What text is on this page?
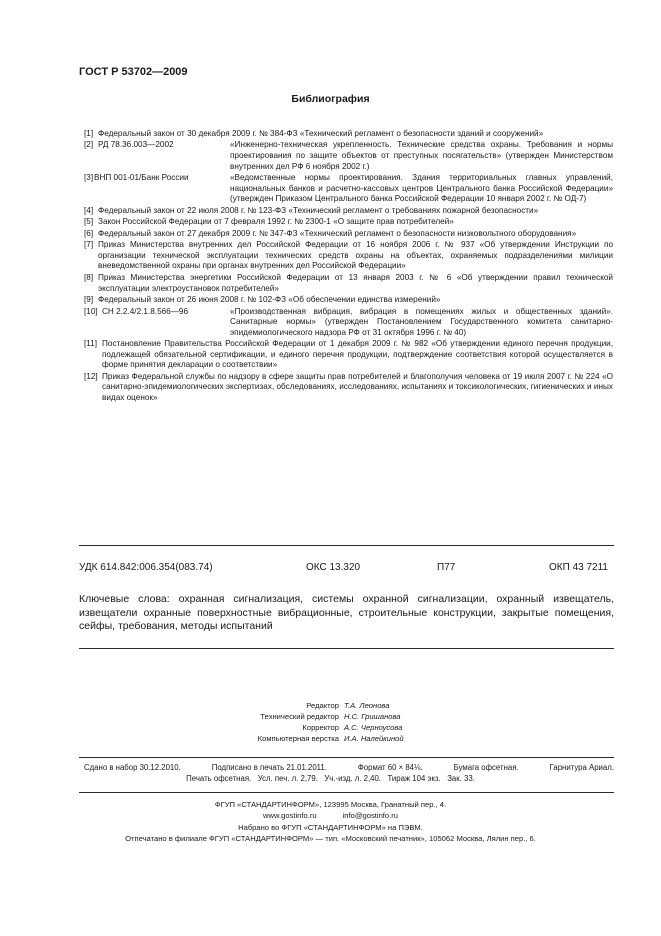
ГОСТ Р 53702—2009
Библиография
[1] Федеральный закон от 30 декабря 2009 г. № 384-ФЗ «Технический регламент о безопасности зданий и сооружений»
[2] РД 78.36.003—2002	«Инженерно-техническая укрепленность. Технические средства охраны. Требования и нормы проектирования по защите объектов от преступных посягательств» (утвержден Министерством внутренних дел РФ 6 ноября 2002 г.)
[3] ВНП 001-01/Банк России	«Ведомственные нормы проектирования. Здания территориальных главных управлений, национальных банков и расчетно-кассовых центров Центрального банка Российской Федерации» (утвержден Приказом Центрального банка Российской Федерации 10 января 2002 г. № ОД-7)
[4] Федеральный закон от 22 июля 2008 г. № 123-ФЗ «Технический регламент о требованиях пожарной безопасности»
[5] Закон Российской Федерации от 7 февраля 1992 г. № 2300-1 «О защите прав потребителей»
[6] Федеральный закон от 27 декабря 2009 г. № 347-ФЗ «Технический регламент о безопасности низковольтного оборудования»
[7] Приказ Министерства внутренних дел Российской Федерации от 16 ноября 2006 г. № 937 «Об утверждении Инструкции по организации технической эксплуатации технических средств охраны на объектах, охраняемых подразделениями милиции вневедомственной охраны при органах внутренних дел Российской Федерации»
[8] Приказ Министерства энергетики Российской Федерации от 13 января 2003 г. № 6 «Об утверждении правил технической эксплуатации электроустановок потребителей»
[9] Федеральный закон от 26 июня 2008 г. № 102-ФЗ «Об обеспечении единства измерений»
[10] СН 2.2.4/2.1.8.566—96	«Производственная вибрация, вибрация в помещениях жилых и общественных зданий». Санитарные нормы» (утвержден Постановлением Государственного комитета санитарно-эпидемиологического надзора РФ от 31 октября 1996 г. № 40)
[11] Постановление Правительства Российской Федерации от 1 декабря 2009 г. № 982 «Об утверждении единого перечня продукции, подлежащей обязательной сертификации, и единого перечня продукции, подтверждение соответствия которой осуществляется в форме принятия декларации о соответствии»
[12] Приказ Федеральной службы по надзору в сфере защиты прав потребителей и благополучия человека от 19 июля 2007 г. № 224 «О санитарно-эпидемиологических экспертизах, обследованиях, исследованиях, испытаниях и токсикологических, гигиенических и иных видах оценок»
УДК 614.842:006.354(083.74)	ОКС 13.320	П77	ОКП 43 7211
Ключевые слова: охранная сигнализация, системы охранной сигнализации, охранный извещатель, извещатели охранные поверхностные вибрационные, строительные конструкции, закрытые помещения, сейфы, требования, методы испытаний
Редактор Т.А. Леонова
Технический редактор Н.С. Гришанова
Корректор А.С. Черноусова
Компьютерная верстка И.А. Налейкиной
Сдано в набор 30.12.2010.	Подписано в печать 21.01.2011.	Формат 60 × 84⅛.	Бумага офсетная.	Гарнитура Ариал.
Печать офсетная.   Усл. печ. л. 2,79.   Уч.-изд. л. 2,40.   Тираж 104 экз.   Зак. 33.
ФГУП «СТАНДАРТИНФОРМ», 123995 Москва, Гранатный пер., 4.
www.gostinfo.ru	info@gostinfo.ru
Набрано во ФГУП «СТАНДАРТИНФОРМ» на ПЭВМ.
Отпечатано в филиале ФГУП «СТАНДАРТИНФОРМ» — тип. «Московский печатник», 105062 Москва, Лялин пер., 6.
